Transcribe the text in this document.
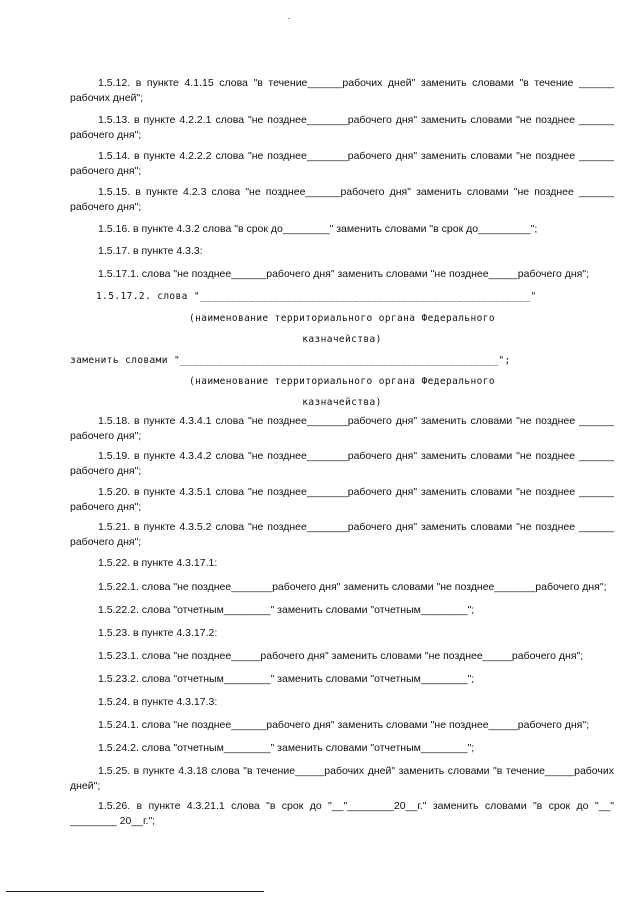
1.5.12. в пункте 4.1.15 слова "в течение______рабочих дней" заменить словами "в течение ______ рабочих дней";

1.5.13. в пункте 4.2.2.1 слова "не позднее_______рабочего дня" заменить словами "не позднее ______ рабочего дня";

1.5.14. в пункте 4.2.2.2 слова "не позднее_______рабочего дня" заменить словами "не позднее ______ рабочего дня";

1.5.15. в пункте 4.2.3 слова "не позднее______рабочего дня" заменить словами "не позднее ______ рабочего дня";

1.5.16. в пункте 4.3.2 слова "в срок до________" заменить словами "в срок до_________";

1.5.17. в пункте 4.3.3:

1.5.17.1. слова "не позднее______рабочего дня" заменить словами "не позднее_____рабочего дня";

1.5.17.2. слова "______________________________________________________"

(наименование территориального органа Федерального

казначейства)

заменить словами "____________________________________________________";

(наименование территориального органа Федерального

казначейства)

1.5.18. в пункте 4.3.4.1 слова "не позднее_______рабочего дня" заменить словами "не позднее ______ рабочего дня";

1.5.19. в пункте 4.3.4.2 слова "не позднее_______рабочего дня" заменить словами "не позднее ______ рабочего дня";

1.5.20. в пункте 4.3.5.1 слова "не позднее_______рабочего дня" заменить словами "не позднее ______ рабочего дня";

1.5.21. в пункте 4.3.5.2 слова "не позднее_______рабочего дня" заменить словами "не позднее ______ рабочего дня";

1.5.22. в пункте 4.3.17.1:

1.5.22.1. слова "не позднее_______рабочего дня" заменить словами "не позднее_______рабочего дня";

1.5.22.2. слова "отчетным________" заменить словами "отчетным________";

1.5.23. в пункте 4.3.17.2:

1.5.23.1. слова "не позднее_____рабочего дня" заменить словами "не позднее_____рабочего дня";

1.5.23.2. слова "отчетным________" заменить словами "отчетным________";

1.5.24. в пункте 4.3.17.3:

1.5.24.1. слова "не позднее______рабочего дня" заменить словами "не позднее_____рабочего дня";

1.5.24.2. слова "отчетным________" заменить словами "отчетным________";

1.5.25. в пункте 4.3.18 слова "в течение_____рабочих дней" заменить словами "в течение_____рабочих дней";

1.5.26. в пункте 4.3.21.1 слова "в срок до "__"________20__г." заменить словами "в срок до "__" ________ 20__г.";
